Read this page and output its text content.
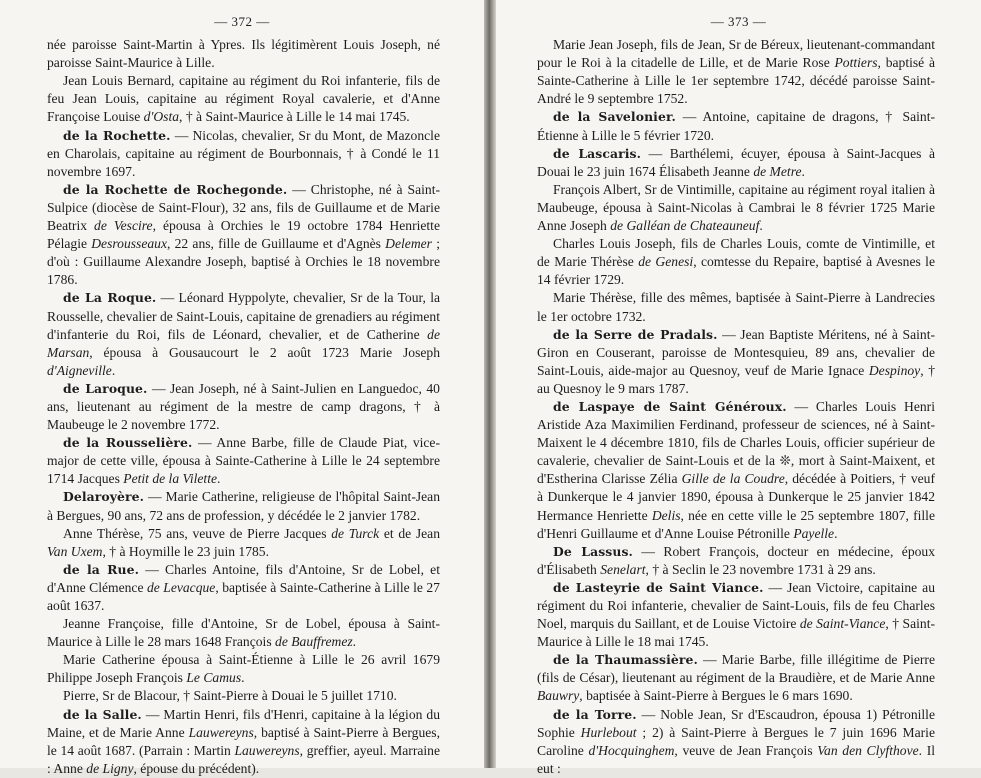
— 372 —

née paroisse Saint-Martin à Ypres. Ils légitimèrent Louis Joseph, né paroisse Saint-Maurice à Lille.

Jean Louis Bernard, capitaine au régiment du Roi infanterie, fils de feu Jean Louis, capitaine au régiment Royal cavalerie, et d'Anne Françoise Louise d'Osta, † à Saint-Maurice à Lille le 14 mai 1745.

de la Rochette. — Nicolas, chevalier, Sr du Mont, de Mazoncle en Charolais, capitaine au régiment de Bourbonnais, † à Condé le 11 novembre 1697.

de la Rochette de Rochegonde. — Christophe, né à Saint-Sulpice (diocèse de Saint-Flour), 32 ans, fils de Guillaume et de Marie Beatrix de Vescire, épousa à Orchies le 19 octobre 1784 Henriette Pélagie Desrousseaux, 22 ans, fille de Guillaume et d'Agnès Delemer ; d'où : Guillaume Alexandre Joseph, baptisé à Orchies le 18 novembre 1786.

de La Roque. — Léonard Hyppolyte, chevalier, Sr de la Tour, la Rousselle, chevalier de Saint-Louis, capitaine de grenadiers au régiment d'infanterie du Roi, fils de Léonard, chevalier, et de Catherine de Marsan, épousa à Gousaucourt le 2 août 1723 Marie Joseph d'Aigneville.

de Laroque. — Jean Joseph, né à Saint-Julien en Languedoc, 40 ans, lieutenant au régiment de la mestre de camp dragons, † à Maubeuge le 2 novembre 1772.

de la Rousselière. — Anne Barbe, fille de Claude Piat, vice-major de cette ville, épousa à Sainte-Catherine à Lille le 24 septembre 1714 Jacques Petit de la Vilette.

Delaroyère. — Marie Catherine, religieuse de l'hôpital Saint-Jean à Bergues, 90 ans, 72 ans de profession, y décédée le 2 janvier 1782.

Anne Thérèse, 75 ans, veuve de Pierre Jacques de Turck et de Jean Van Uxem, † à Hoymille le 23 juin 1785.

de la Rue. — Charles Antoine, fils d'Antoine, Sr de Lobel, et d'Anne Clémence de Levacque, baptisée à Sainte-Catherine à Lille le 27 août 1637.

Jeanne Françoise, fille d'Antoine, Sr de Lobel, épousa à Saint-Maurice à Lille le 28 mars 1648 François de Bauffremez.

Marie Catherine épousa à Saint-Étienne à Lille le 26 avril 1679 Philippe Joseph François Le Camus.

Pierre, Sr de Blacour, † Saint-Pierre à Douai le 5 juillet 1710.

de la Salle. — Martin Henri, fils d'Henri, capitaine à la légion du Maine, et de Marie Anne Lauwereyns, baptisé à Saint-Pierre à Bergues, le 14 août 1687. (Parrain : Martin Lauwereyns, greffier, ayeul. Marraine : Anne de Ligny, épouse du précédent).

— 373 —

Marie Jean Joseph, fils de Jean, Sr de Béreux, lieutenant-commandant pour le Roi à la citadelle de Lille, et de Marie Rose Pottiers, baptisé à Sainte-Catherine à Lille le 1er septembre 1742, décédé paroisse Saint-André le 9 septembre 1752.

de la Savelonier. — Antoine, capitaine de dragons, † Saint-Étienne à Lille le 5 février 1720.

de Lascaris. — Barthélemi, écuyer, épousa à Saint-Jacques à Douai le 23 juin 1674 Élisabeth Jeanne de Metre.

François Albert, Sr de Vintimille, capitaine au régiment royal italien à Maubeuge, épousa à Saint-Nicolas à Cambrai le 8 février 1725 Marie Anne Joseph de Galléan de Chateauneuf.

Charles Louis Joseph, fils de Charles Louis, comte de Vintimille, et de Marie Thérèse de Genesi, comtesse du Repaire, baptisé à Avesnes le 14 février 1729.

Marie Thérèse, fille des mêmes, baptisée à Saint-Pierre à Landrecies le 1er octobre 1732.

de la Serre de Pradals. — Jean Baptiste Méritens, né à Saint-Giron en Couserant, paroisse de Montesquieu, 89 ans, chevalier de Saint-Louis, aide-major au Quesnoy, veuf de Marie Ignace Despinoy, † au Quesnoy le 9 mars 1787.

de Laspaye de Saint Généroux. — Charles Louis Henri Aristide Aza Maximilien Ferdinand, professeur de sciences, né à Saint-Maixent le 4 décembre 1810, fils de Charles Louis, officier supérieur de cavalerie, chevalier de Saint-Louis et de la ❊, mort à Saint-Maixent, et d'Estherina Clarisse Zélia Gille de la Coudre, décédée à Poitiers, † veuf à Dunkerque le 4 janvier 1890, épousa à Dunkerque le 25 janvier 1842 Hermance Henriette Delis, née en cette ville le 25 septembre 1807, fille d'Henri Guillaume et d'Anne Louise Pétronille Payelle.

De Lassus. — Robert François, docteur en médecine, époux d'Élisabeth Senelart, † à Seclin le 23 novembre 1731 à 29 ans.

de Lasteyrie de Saint Viance. — Jean Victoire, capitaine au régiment du Roi infanterie, chevalier de Saint-Louis, fils de feu Charles Noel, marquis du Saillant, et de Louise Victoire de Saint-Viance, † Saint-Maurice à Lille le 18 mai 1745.

de la Thaumassière. — Marie Barbe, fille illégitime de Pierre (fils de César), lieutenant au régiment de la Braudière, et de Marie Anne Bauwry, baptisée à Saint-Pierre à Bergues le 6 mars 1690.

de la Torre. — Noble Jean, Sr d'Escaudron, épousa 1) Pétronille Sophie Hurlebout ; 2) à Saint-Pierre à Bergues le 7 juin 1696 Marie Caroline d'Hocquinghem, veuve de Jean François Van den Clyfthove. Il eut :
